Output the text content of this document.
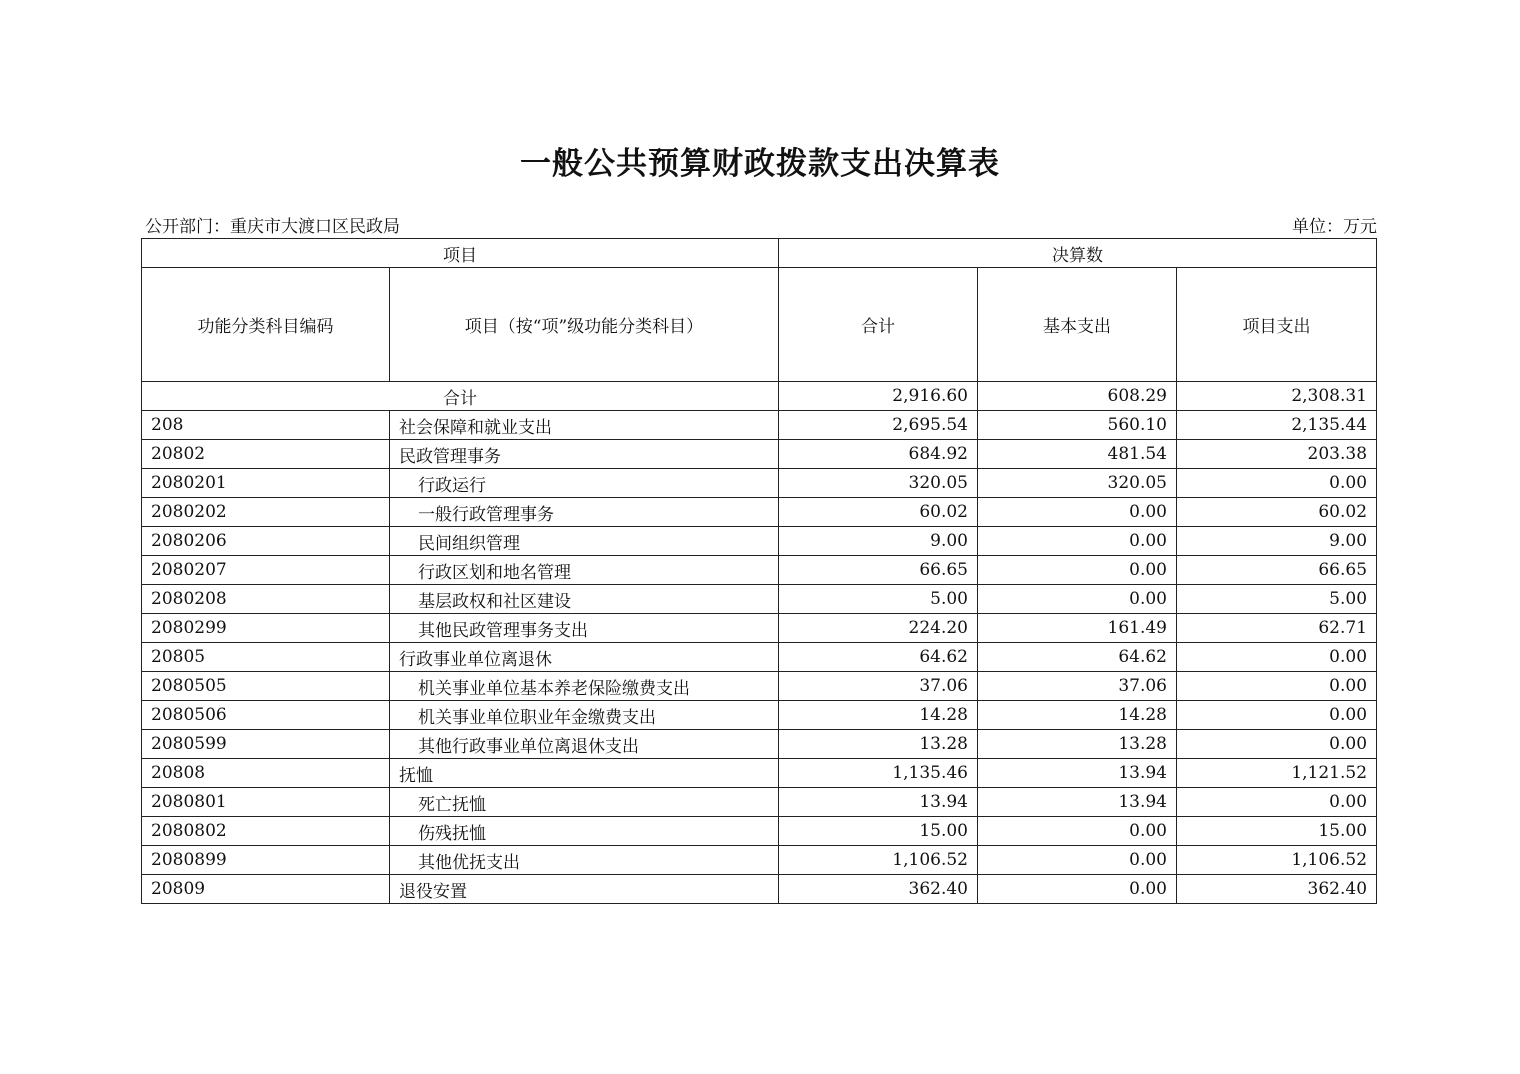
一般公共预算财政拨款支出决算表
公开部门：重庆市大渡口区民政局	单位：万元
项目		决算数		
功能分类科目编码	项目（按“项”级功能分类科目）	合计	基本支出	项目支出
合计		2,916.60	608.29	2,308.31
208	社会保障和就业支出	2,695.54	560.10	2,135.44
20802	民政管理事务	684.92	481.54	203.38
2080201	行政运行	320.05	320.05	0.00
2080202	一般行政管理事务	60.02	0.00	60.02
2080206	民间组织管理	9.00	0.00	9.00
2080207	行政区划和地名管理	66.65	0.00	66.65
2080208	基层政权和社区建设	5.00	0.00	5.00
2080299	其他民政管理事务支出	224.20	161.49	62.71
20805	行政事业单位离退休	64.62	64.62	0.00
2080505	机关事业单位基本养老保险缴费支出	37.06	37.06	0.00
2080506	机关事业单位职业年金缴费支出	14.28	14.28	0.00
2080599	其他行政事业单位离退休支出	13.28	13.28	0.00
20808	抚恤	1,135.46	13.94	1,121.52
2080801	死亡抚恤	13.94	13.94	0.00
2080802	伤残抚恤	15.00	0.00	15.00
2080899	其他优抚支出	1,106.52	0.00	1,106.52
20809	退役安置	362.40	0.00	362.40
